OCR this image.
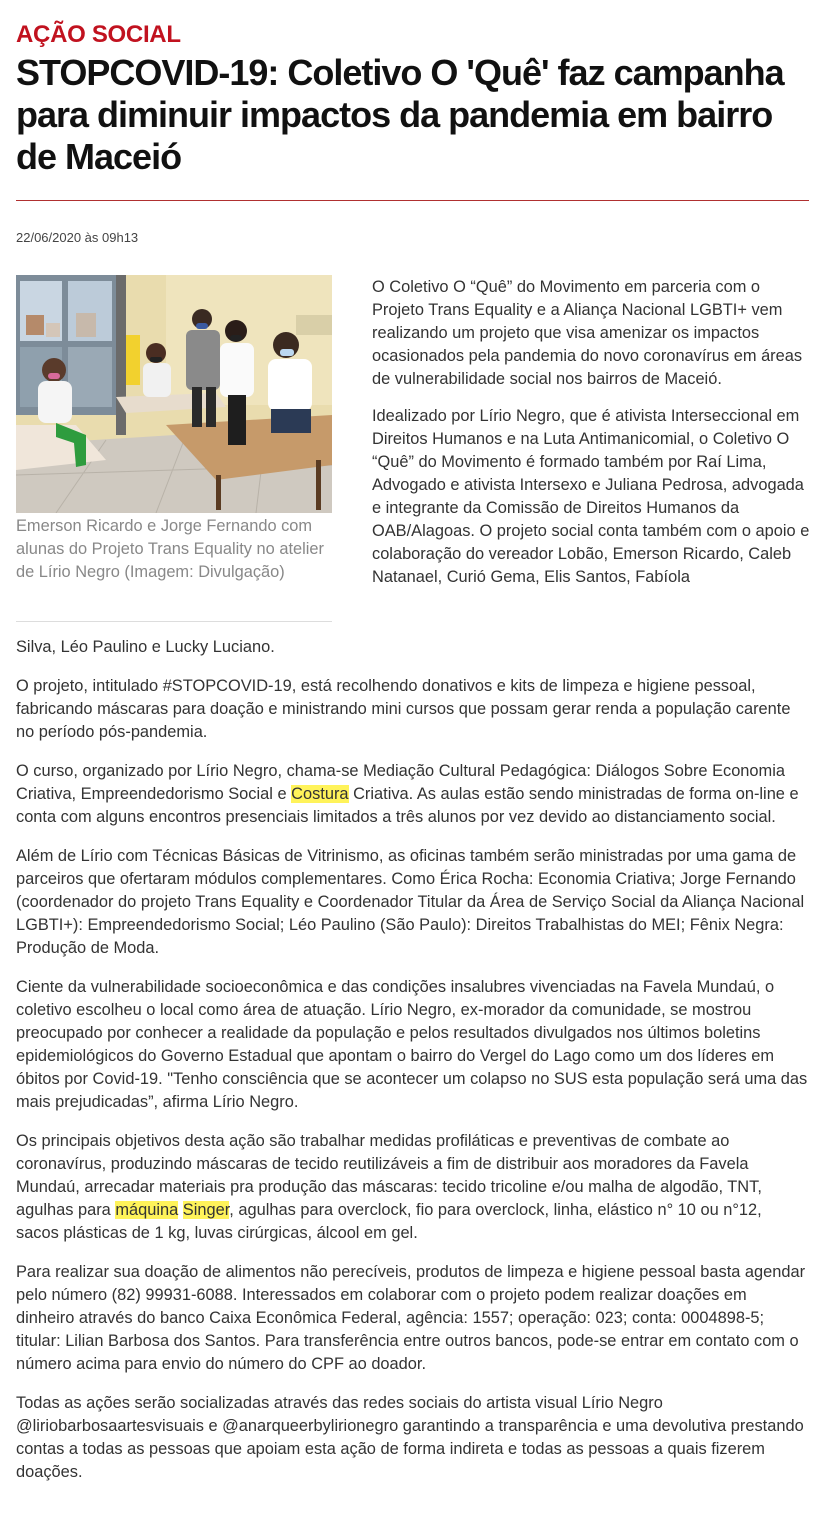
AÇÃO SOCIAL
STOPCOVID-19: Coletivo O 'Quê' faz campanha para diminuir impactos da pandemia em bairro de Maceió
22/06/2020 às 09h13
Emerson Ricardo e Jorge Fernando com alunas do Projeto Trans Equality no atelier de Lírio Negro (Imagem: Divulgação)

O Coletivo O “Quê” do Movimento em parceria com o Projeto Trans Equality e a Aliança Nacional LGBTI+ vem realizando um projeto que visa amenizar os impactos ocasionados pela pandemia do novo coronavírus em áreas de vulnerabilidade social nos bairros de Maceió.

Idealizado por Lírio Negro, que é ativista Interseccional em Direitos Humanos e na Luta Antimanicomial, o Coletivo O “Quê” do Movimento é formado também por Raí Lima, Advogado e ativista Intersexo e Juliana Pedrosa, advogada e integrante da Comissão de Direitos Humanos da OAB/Alagoas. O projeto social conta também com o apoio e colaboração do vereador Lobão, Emerson Ricardo, Caleb Natanael, Curió Gema, Elis Santos, Fabíola

Silva, Léo Paulino e Lucky Luciano.

O projeto, intitulado #STOPCOVID-19, está recolhendo donativos e kits de limpeza e higiene pessoal, fabricando máscaras para doação e ministrando mini cursos que possam gerar renda a população carente no período pós-pandemia.

O curso, organizado por Lírio Negro, chama-se Mediação Cultural Pedagógica: Diálogos Sobre Economia Criativa, Empreendedorismo Social e Costura Criativa. As aulas estão sendo ministradas de forma on-line e conta com alguns encontros presenciais limitados a três alunos por vez devido ao distanciamento social.

Além de Lírio com Técnicas Básicas de Vitrinismo, as oficinas também serão ministradas por uma gama de parceiros que ofertaram módulos complementares. Como Érica Rocha: Economia Criativa; Jorge Fernando (coordenador do projeto Trans Equality e Coordenador Titular da Área de Serviço Social da Aliança Nacional LGBTI+): Empreendedorismo Social; Léo Paulino (São Paulo): Direitos Trabalhistas do MEI; Fênix Negra: Produção de Moda.

Ciente da vulnerabilidade socioeconômica e das condições insalubres vivenciadas na Favela Mundaú, o coletivo escolheu o local como área de atuação. Lírio Negro, ex-morador da comunidade, se mostrou preocupado por conhecer a realidade da população e pelos resultados divulgados nos últimos boletins epidemiológicos do Governo Estadual que apontam o bairro do Vergel do Lago como um dos líderes em óbitos por Covid-19. "Tenho consciência que se acontecer um colapso no SUS esta população será uma das mais prejudicadas”, afirma Lírio Negro.

Os principais objetivos desta ação são trabalhar medidas profiláticas e preventivas de combate ao coronavírus, produzindo máscaras de tecido reutilizáveis a fim de distribuir aos moradores da Favela Mundaú, arrecadar materiais pra produção das máscaras: tecido tricoline e/ou malha de algodão, TNT, agulhas para máquina Singer, agulhas para overclock, fio para overclock, linha, elástico n° 10 ou n°12, sacos plásticas de 1 kg, luvas cirúrgicas, álcool em gel.

Para realizar sua doação de alimentos não perecíveis, produtos de limpeza e higiene pessoal basta agendar pelo número (82) 99931-6088. Interessados em colaborar com o projeto podem realizar doações em dinheiro através do banco Caixa Econômica Federal, agência: 1557; operação: 023; conta: 0004898-5; titular: Lilian Barbosa dos Santos. Para transferência entre outros bancos, pode-se entrar em contato com o número acima para envio do número do CPF ao doador.

Todas as ações serão socializadas através das redes sociais do artista visual Lírio Negro @liriobarbosaartesvisuais e @anarqueerbylirionegro garantindo a transparência e uma devolutiva prestando contas a todas as pessoas que apoiam esta ação de forma indireta e todas as pessoas a quais fizerem doações.
